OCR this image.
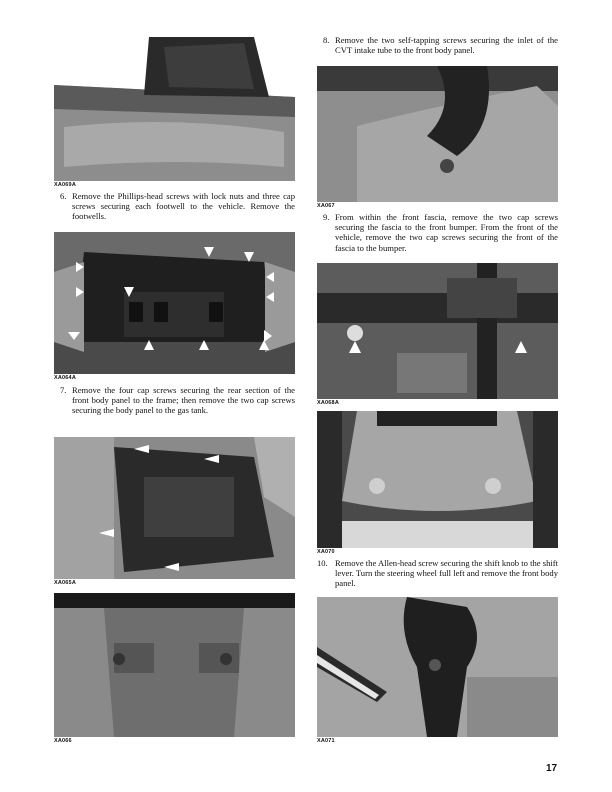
XA069A
6. Remove the Phillips-head screws with lock nuts and three cap screws securing each footwell to the vehicle. Remove the footwells.
XA064A
7. Remove the four cap screws securing the rear section of the front body panel to the frame; then remove the two cap screws securing the body panel to the gas tank.
XA065A
XA066
8. Remove the two self-tapping screws securing the inlet of the CVT intake tube to the front body panel.
XA067
9. From within the front fascia, remove the two cap screws securing the fascia to the front bumper. From the front of the vehicle, remove the two cap screws securing the front of the fascia to the bumper.
XA068A
XA070
10. Remove the Allen-head screw securing the shift knob to the shift lever. Turn the steering wheel full left and remove the front body panel.
XA071
17
